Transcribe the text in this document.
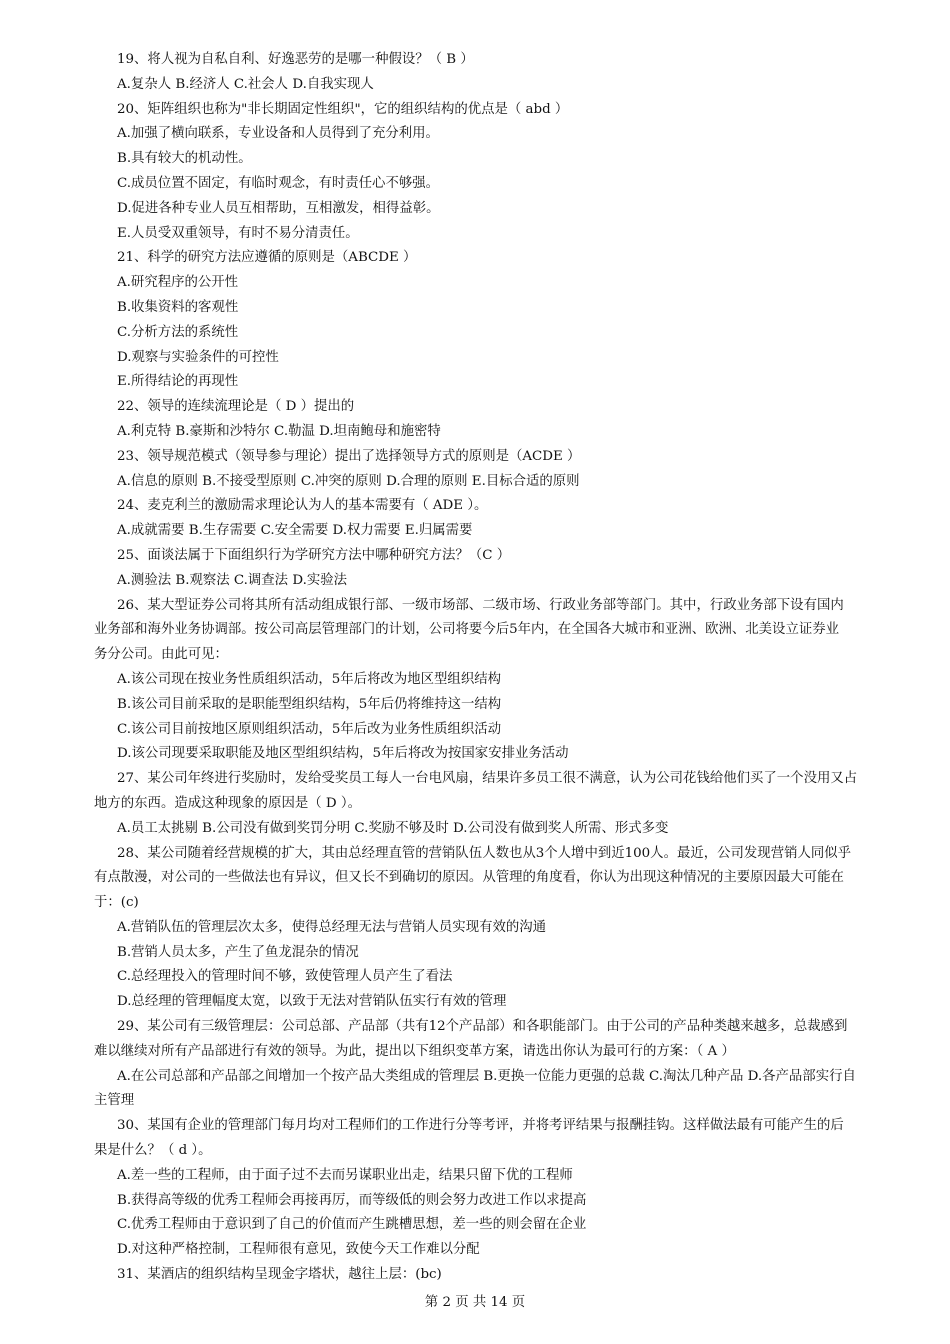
19、将人视为自私自利、好逸恶劳的是哪一种假设？（ B ）
A.复杂人 B.经济人 C.社会人 D.自我实现人
20、矩阵组织也称为"非长期固定性组织"，它的组织结构的优点是（ abd ）
A.加强了横向联系，专业设备和人员得到了充分利用。
B.具有较大的机动性。
C.成员位置不固定，有临时观念，有时责任心不够强。
D.促进各种专业人员互相帮助，互相激发，相得益彰。
E.人员受双重领导，有时不易分清责任。
21、科学的研究方法应遵循的原则是（ABCDE ）
A.研究程序的公开性
B.收集资料的客观性
C.分析方法的系统性
D.观察与实验条件的可控性
E.所得结论的再现性
22、领导的连续流理论是（ D ）提出的
A.利克特 B.豪斯和沙特尔 C.勒温 D.坦南鲍母和施密特
23、领导规范模式（领导参与理论）提出了选择领导方式的原则是（ACDE ）
A.信息的原则 B.不接受型原则 C.冲突的原则 D.合理的原则 E.目标合适的原则
24、麦克利兰的激励需求理论认为人的基本需要有（ ADE ）。
A.成就需要 B.生存需要 C.安全需要 D.权力需要 E.归属需要
25、面谈法属于下面组织行为学研究方法中哪种研究方法？（C ）
A.测验法 B.观察法 C.调查法 D.实验法
26、某大型证券公司将其所有活动组成银行部、一级市场部、二级市场、行政业务部等部门。其中，行政业务部下设有国内
业务部和海外业务协调部。按公司高层管理部门的计划，公司将要今后5年内，在全国各大城市和亚洲、欧洲、北美设立证券业
务分公司。由此可见：
A.该公司现在按业务性质组织活动，5年后将改为地区型组织结构
B.该公司目前采取的是职能型组织结构，5年后仍将维持这一结构
C.该公司目前按地区原则组织活动，5年后改为业务性质组织活动
D.该公司现要采取职能及地区型组织结构，5年后将改为按国家安排业务活动
27、某公司年终进行奖励时，发给受奖员工每人一台电风扇，结果许多员工很不满意，认为公司花钱给他们买了一个没用又占
地方的东西。造成这种现象的原因是（ D ）。
A.员工太挑剔 B.公司没有做到奖罚分明 C.奖励不够及时 D.公司没有做到奖人所需、形式多变
28、某公司随着经营规模的扩大，其由总经理直管的营销队伍人数也从3个人增中到近100人。最近，公司发现营销人同似乎
有点散漫，对公司的一些做法也有异议，但又长不到确切的原因。从管理的角度看，你认为出现这种情况的主要原因最大可能在
于：(c)
A.营销队伍的管理层次太多，使得总经理无法与营销人员实现有效的沟通
B.营销人员太多，产生了鱼龙混杂的情况
C.总经理投入的管理时间不够，致使管理人员产生了看法
D.总经理的管理幅度太宽，以致于无法对营销队伍实行有效的管理
29、某公司有三级管理层：公司总部、产品部（共有12个产品部）和各职能部门。由于公司的产品种类越来越多，总裁感到
难以继续对所有产品部进行有效的领导。为此，提出以下组织变革方案，请选出你认为最可行的方案：（ A ）
A.在公司总部和产品部之间增加一个按产品大类组成的管理层 B.更换一位能力更强的总裁 C.淘汰几种产品 D.各产品部实行自
主管理
30、某国有企业的管理部门每月均对工程师们的工作进行分等考评，并将考评结果与报酬挂钩。这样做法最有可能产生的后
果是什么？（ d ）。
A.差一些的工程师，由于面子过不去而另谋职业出走，结果只留下优的工程师
B.获得高等级的优秀工程师会再接再厉，而等级低的则会努力改进工作以求提高
C.优秀工程师由于意识到了自己的价值而产生跳槽思想，差一些的则会留在企业
D.对这种严格控制，工程师很有意见，致使今天工作难以分配
31、某酒店的组织结构呈现金字塔状，越往上层：(bc)
第 2 页 共 14 页
